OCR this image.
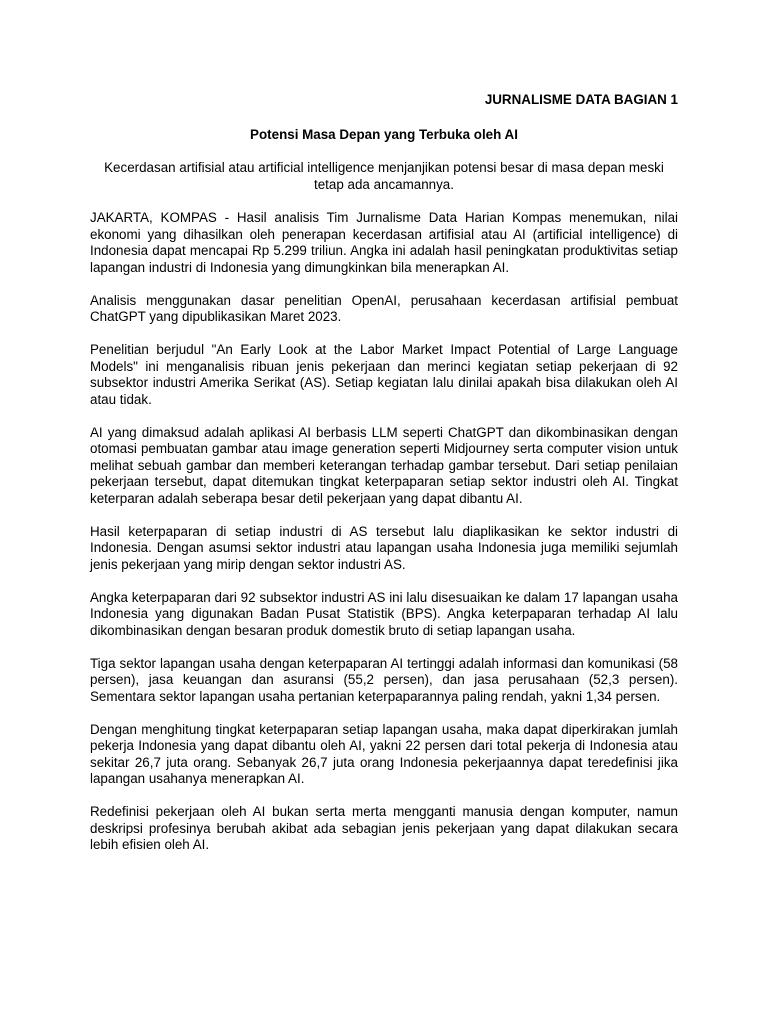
JURNALISME DATA BAGIAN 1
Potensi Masa Depan yang Terbuka oleh AI
Kecerdasan artifisial atau artificial intelligence menjanjikan potensi besar di masa depan meski tetap ada ancamannya.

JAKARTA, KOMPAS - Hasil analisis Tim Jurnalisme Data Harian Kompas menemukan, nilai ekonomi yang dihasilkan oleh penerapan kecerdasan artifisial atau AI (artificial intelligence) di Indonesia dapat mencapai Rp 5.299 triliun. Angka ini adalah hasil peningkatan produktivitas setiap lapangan industri di Indonesia yang dimungkinkan bila menerapkan AI.

Analisis menggunakan dasar penelitian OpenAI, perusahaan kecerdasan artifisial pembuat ChatGPT yang dipublikasikan Maret 2023.

Penelitian berjudul "An Early Look at the Labor Market Impact Potential of Large Language Models" ini menganalisis ribuan jenis pekerjaan dan merinci kegiatan setiap pekerjaan di 92 subsektor industri Amerika Serikat (AS). Setiap kegiatan lalu dinilai apakah bisa dilakukan oleh AI atau tidak.

AI yang dimaksud adalah aplikasi AI berbasis LLM seperti ChatGPT dan dikombinasikan dengan otomasi pembuatan gambar atau image generation seperti Midjourney serta computer vision untuk melihat sebuah gambar dan memberi keterangan terhadap gambar tersebut. Dari setiap penilaian pekerjaan tersebut, dapat ditemukan tingkat keterpaparan setiap sektor industri oleh AI. Tingkat keterparan adalah seberapa besar detil pekerjaan yang dapat dibantu AI.

Hasil keterpaparan di setiap industri di AS tersebut lalu diaplikasikan ke sektor industri di Indonesia. Dengan asumsi sektor industri atau lapangan usaha Indonesia juga memiliki sejumlah jenis pekerjaan yang mirip dengan sektor industri AS.

Angka keterpaparan dari 92 subsektor industri AS ini lalu disesuaikan ke dalam 17 lapangan usaha Indonesia yang digunakan Badan Pusat Statistik (BPS). Angka keterpaparan terhadap AI lalu dikombinasikan dengan besaran produk domestik bruto di setiap lapangan usaha.

Tiga sektor lapangan usaha dengan keterpaparan AI tertinggi adalah informasi dan komunikasi (58 persen), jasa keuangan dan asuransi (55,2 persen), dan jasa perusahaan (52,3 persen). Sementara sektor lapangan usaha pertanian keterpaparannya paling rendah, yakni 1,34 persen.

Dengan menghitung tingkat keterpaparan setiap lapangan usaha, maka dapat diperkirakan jumlah pekerja Indonesia yang dapat dibantu oleh AI, yakni 22 persen dari total pekerja di Indonesia atau sekitar 26,7 juta orang. Sebanyak 26,7 juta orang Indonesia pekerjaannya dapat teredefinisi jika lapangan usahanya menerapkan AI.

Redefinisi pekerjaan oleh AI bukan serta merta mengganti manusia dengan komputer, namun deskripsi profesinya berubah akibat ada sebagian jenis pekerjaan yang dapat dilakukan secara lebih efisien oleh AI.
